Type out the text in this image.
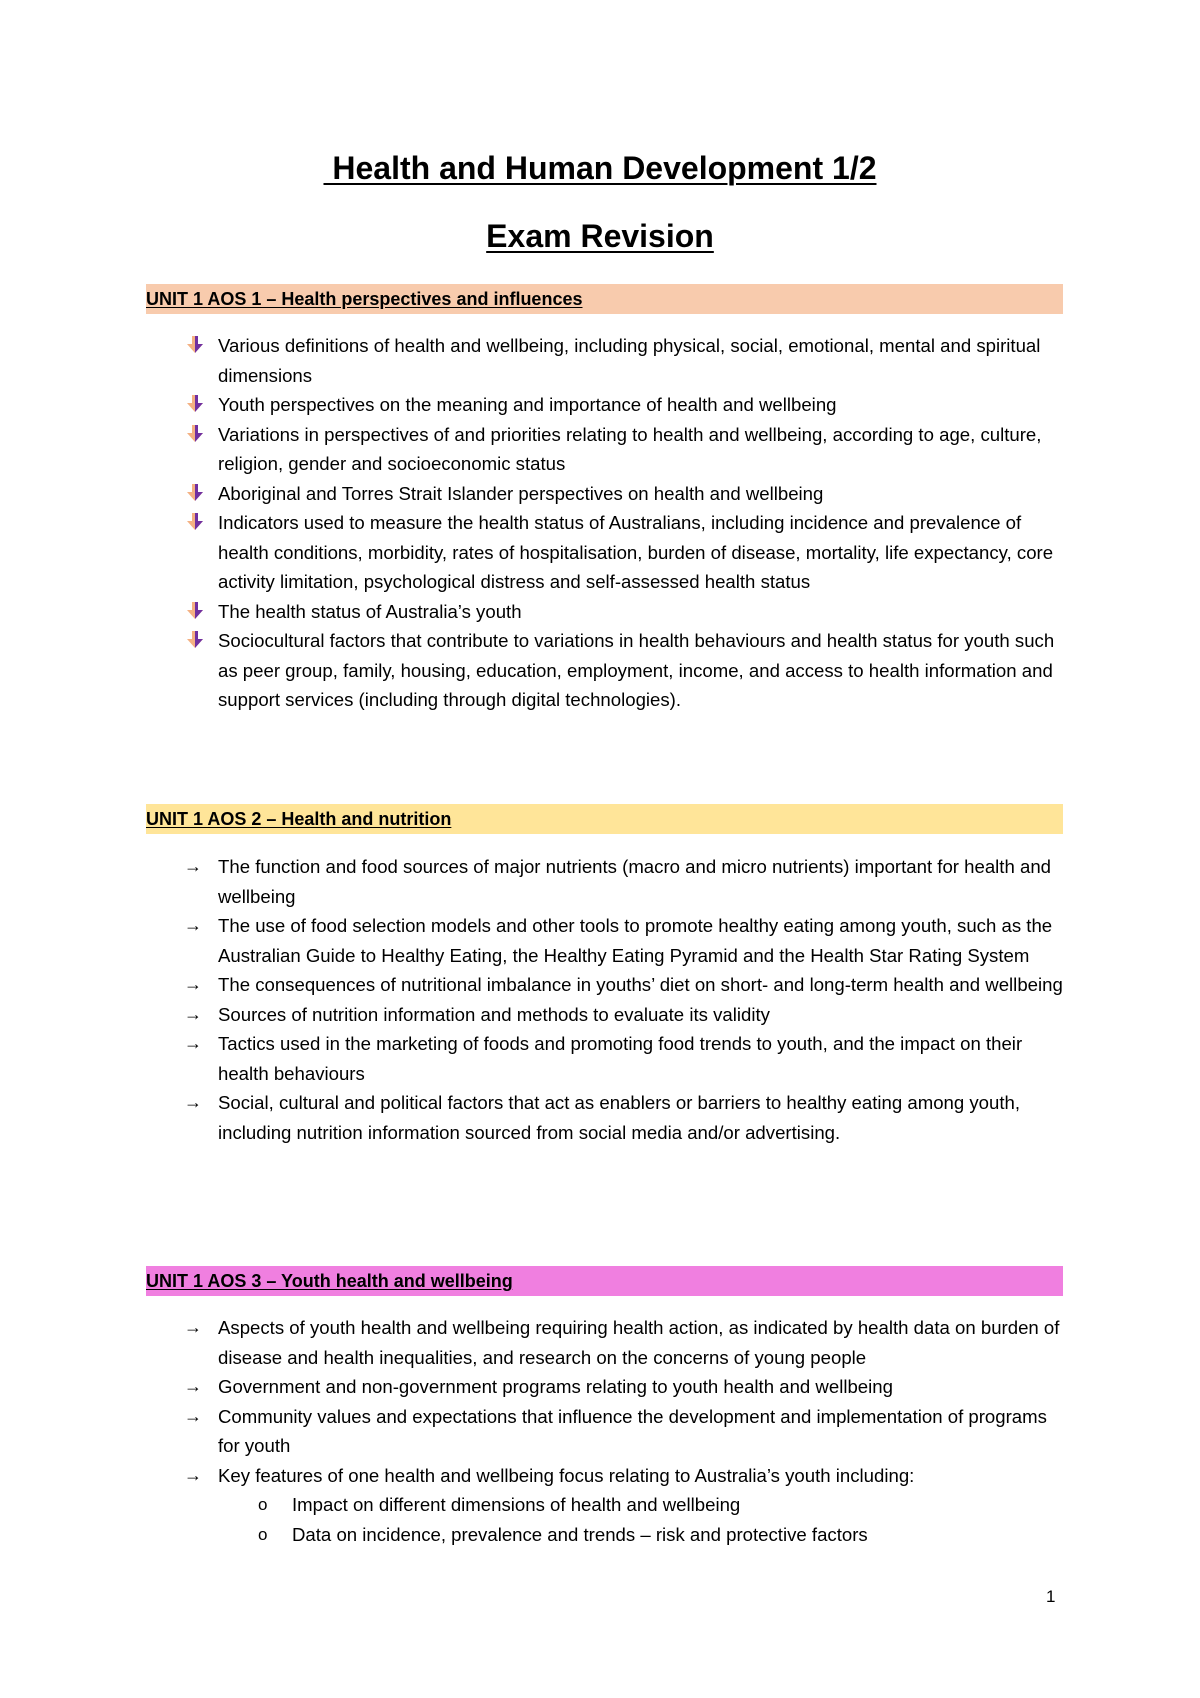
Health and Human Development 1/2
Exam Revision
UNIT 1 AOS 1 – Health perspectives and influences
Various definitions of health and wellbeing, including physical, social, emotional, mental and spiritual dimensions
Youth perspectives on the meaning and importance of health and wellbeing
Variations in perspectives of and priorities relating to health and wellbeing, according to age, culture, religion, gender and socioeconomic status
Aboriginal and Torres Strait Islander perspectives on health and wellbeing
Indicators used to measure the health status of Australians, including incidence and prevalence of health conditions, morbidity, rates of hospitalisation, burden of disease, mortality, life expectancy, core activity limitation, psychological distress and self-assessed health status
The health status of Australia’s youth
Sociocultural factors that contribute to variations in health behaviours and health status for youth such as peer group, family, housing, education, employment, income, and access to health information and support services (including through digital technologies).
UNIT 1 AOS 2 – Health and nutrition
→ The function and food sources of major nutrients (macro and micro nutrients) important for health and wellbeing
→ The use of food selection models and other tools to promote healthy eating among youth, such as the Australian Guide to Healthy Eating, the Healthy Eating Pyramid and the Health Star Rating System
→ The consequences of nutritional imbalance in youths’ diet on short- and long-term health and wellbeing
→ Sources of nutrition information and methods to evaluate its validity
→ Tactics used in the marketing of foods and promoting food trends to youth, and the impact on their health behaviours
→ Social, cultural and political factors that act as enablers or barriers to healthy eating among youth, including nutrition information sourced from social media and/or advertising.
UNIT 1 AOS 3 – Youth health and wellbeing
→ Aspects of youth health and wellbeing requiring health action, as indicated by health data on burden of disease and health inequalities, and research on the concerns of young people
→ Government and non-government programs relating to youth health and wellbeing
→ Community values and expectations that influence the development and implementation of programs for youth
→ Key features of one health and wellbeing focus relating to Australia’s youth including:
o Impact on different dimensions of health and wellbeing
o Data on incidence, prevalence and trends – risk and protective factors
1
